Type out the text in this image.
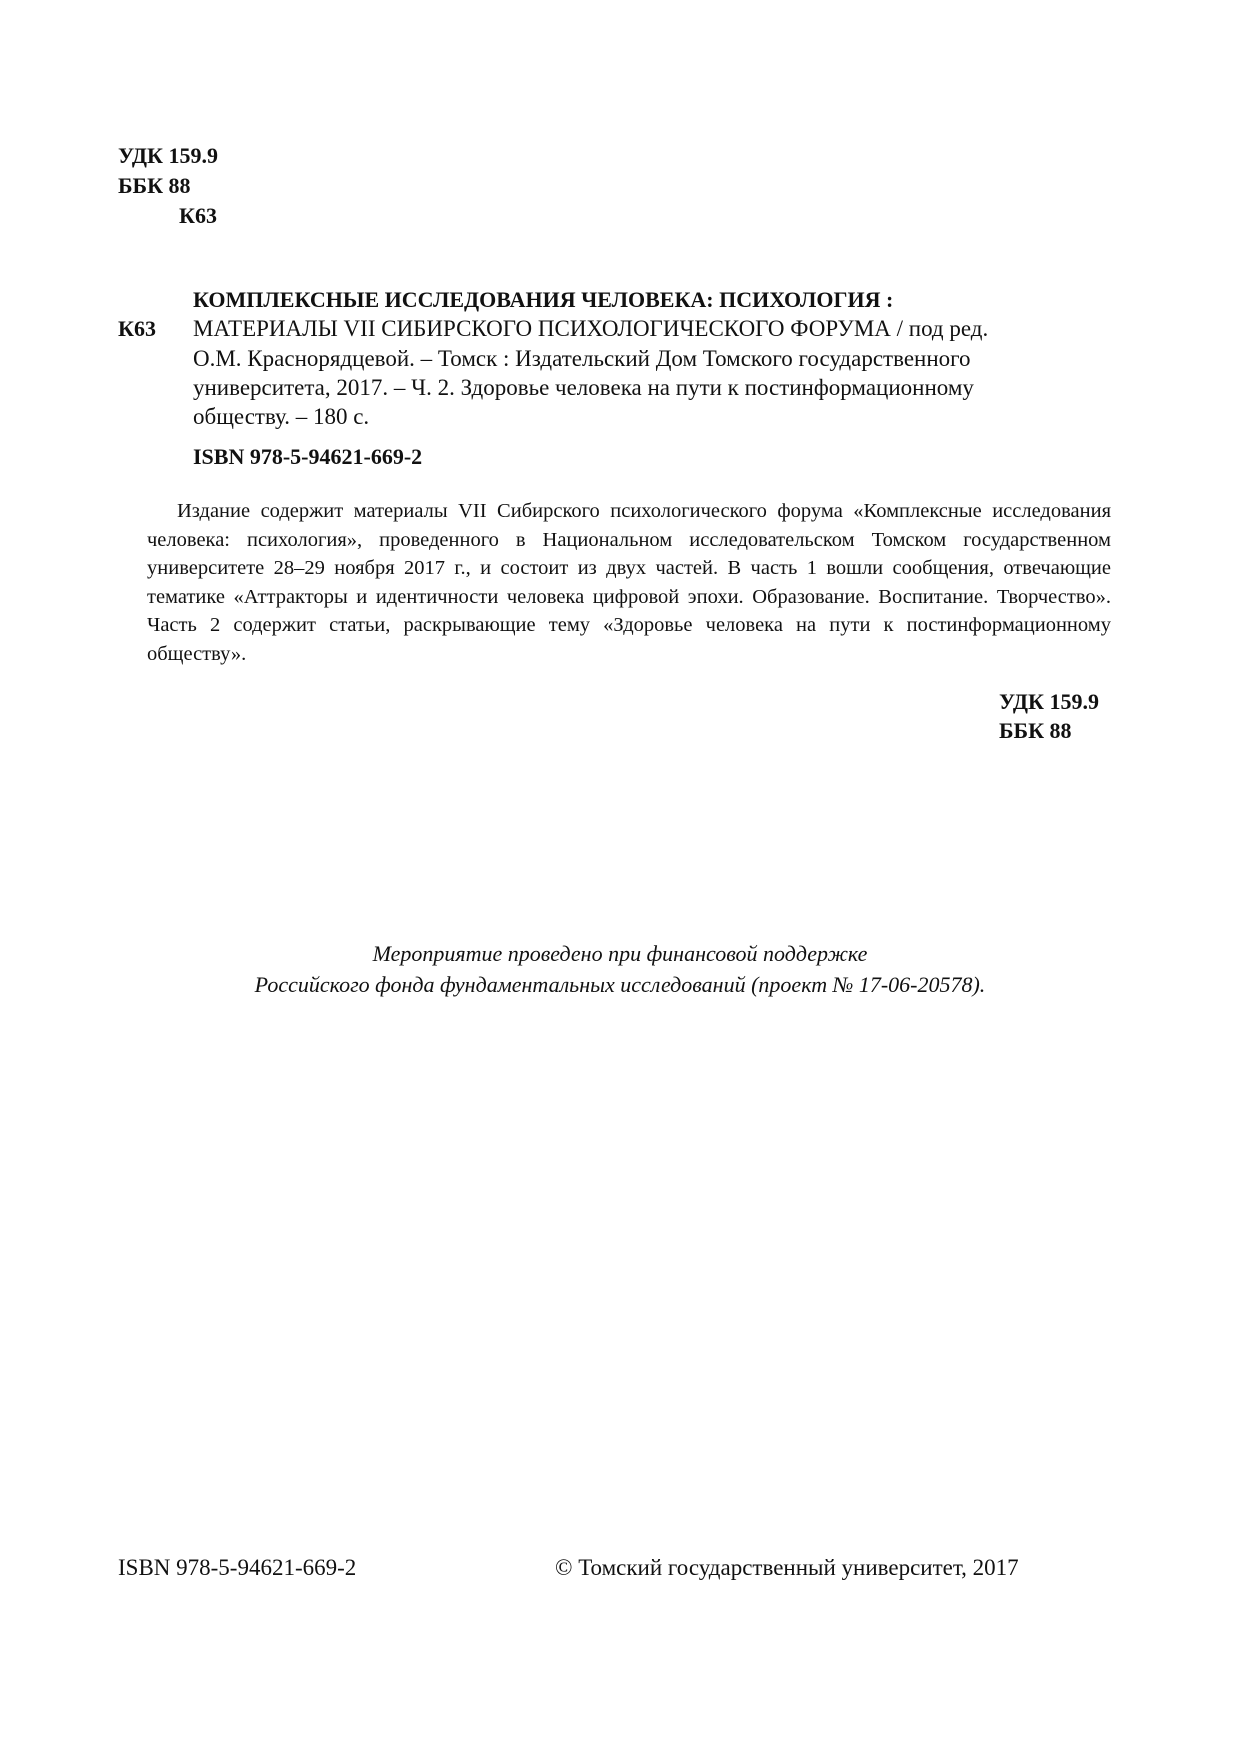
УДК 159.9
ББК 88
К63
К63
КОМПЛЕКСНЫЕ ИССЛЕДОВАНИЯ ЧЕЛОВЕКА: ПСИХОЛОГИЯ :
МАТЕРИАЛЫ VII СИБИРСКОГО ПСИХОЛОГИЧЕСКОГО ФОРУМА / под ред.
О.М. Краснорядцевой. – Томск : Издательский Дом Томского государственного
университета, 2017. – Ч. 2. Здоровье человека на пути к постинформационному
обществу. – 180 с.
ISBN 978-5-94621-669-2

Издание содержит материалы VII Сибирского психологического форума «Комплексные исследования человека: психология», проведенного в Национальном исследовательском Томском государственном университете 28–29 ноября 2017 г., и состоит из двух частей. В часть 1 вошли сообщения, отвечающие тематике «Аттракторы и идентичности человека цифровой эпохи. Образование. Воспитание. Творчество». Часть 2 содержит статьи, раскрывающие тему «Здоровье человека на пути к постинформационному обществу».

УДК 159.9
ББК 88
Мероприятие проведено при финансовой поддержке
Российского фонда фундаментальных исследований (проект № 17-06-20578).
ISBN 978-5-94621-669-2	© Томский государственный университет, 2017
